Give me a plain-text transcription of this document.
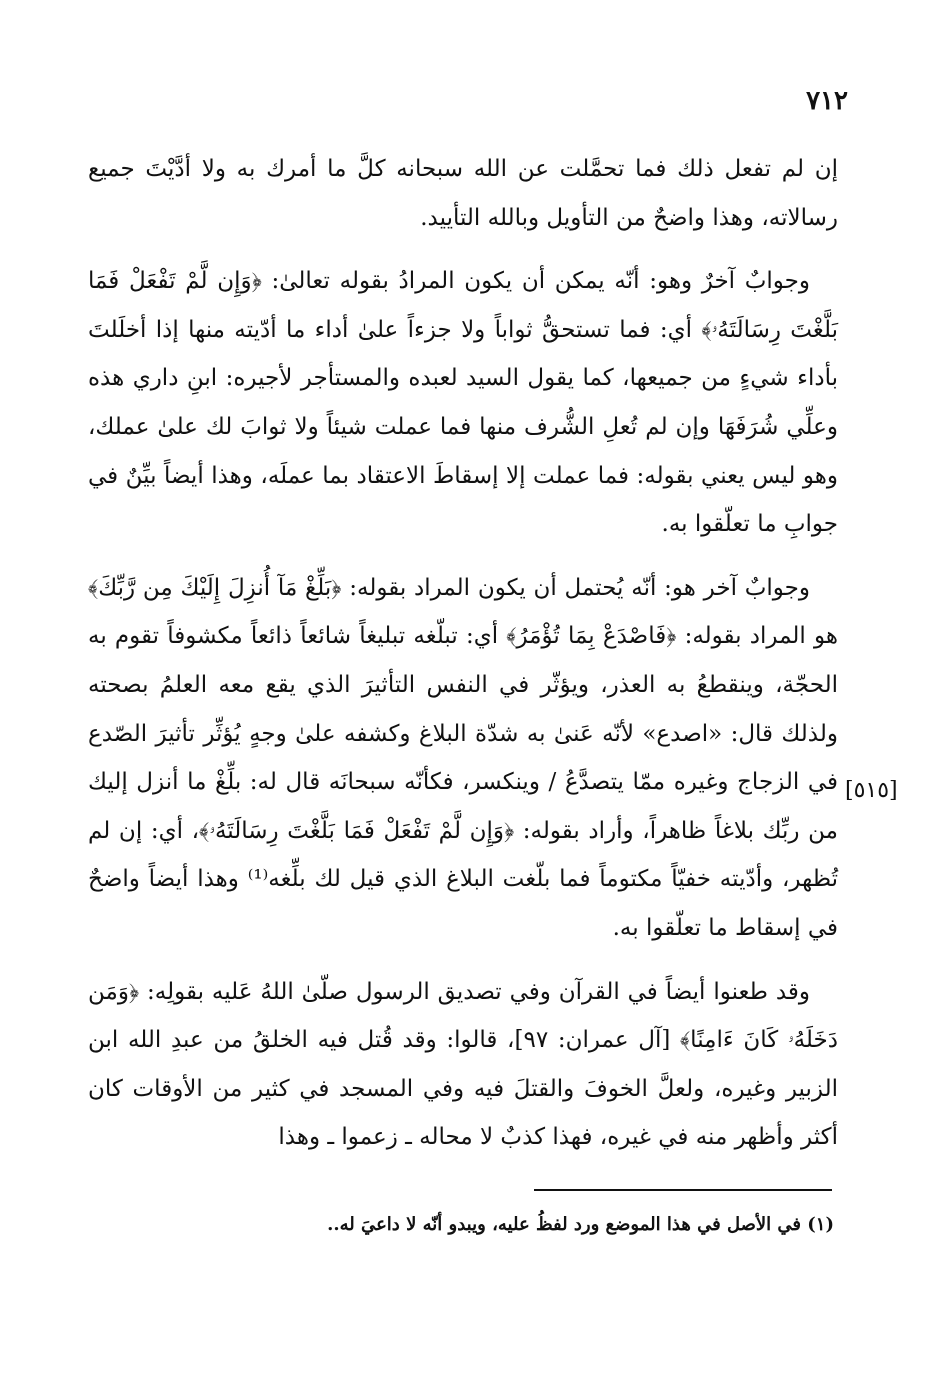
٧١٢

إن لم تفعل ذلك فما تحمَّلت عن الله سبحانه كلَّ ما أمرك به ولا أدَّيْتَ جميع رسالاته، وهذا واضحٌ من التأويل وبالله التأييد.

وجوابٌ آخرٌ وهو: أنّه يمكن أن يكون المرادُ بقوله تعالىٰ: ﴿وَإِن لَّمْ تَفْعَلْ فَمَا بَلَّغْتَ رِسَالَتَهُۥ﴾ أي: فما تستحقُّ ثواباً ولا جزءاً علىٰ أداء ما أدّيته منها إذا أخلَلتَ بأداء شيءٍ من جميعها، كما يقول السيد لعبده والمستأجر لأجيره: ابنِ داري هذه وعلِّي شُرَفَهَا وإن لم تُعلِ الشُّرف منها فما عملت شيئاً ولا ثوابَ لك علىٰ عملك، وهو ليس يعني بقوله: فما عملت إلا إسقاطَ الاعتقاد بما عملَه، وهذا أيضاً بيِّنٌ في جوابِ ما تعلّقوا به.

وجوابٌ آخر هو: أنّه يُحتمل أن يكون المراد بقوله: ﴿بَلِّغْ مَآ أُنزِلَ إِلَيْكَ مِن رَّبِّكَ﴾ هو المراد بقوله: ﴿فَاصْدَعْ بِمَا تُؤْمَرُ﴾ أي: تبلّغه تبليغاً شائعاً ذائعاً مكشوفاً تقوم به الحجّة، وينقطعُ به العذر، ويؤثّر في النفس التأثيرَ الذي يقع معه العلمُ بصحته ولذلك قال: «اصدع» لأنّه عَنىٰ به شدّة البلاغ وكشفه علىٰ وجهٍ يُؤثِّر تأثيرَ الصّدع في الزجاج وغيره ممّا يتصدَّعُ / وينكسر، فكأنّه سبحانَه قال له: بلِّغْ ما أنزل إليك من ربِّك بلاغاً ظاهراً، وأراد بقوله: ﴿وَإِن لَّمْ تَفْعَلْ فَمَا بَلَّغْتَ رِسَالَتَهُۥ﴾، أي: إن لم تُظهر، وأدّيته خفيّاً مكتوماً فما بلّغت البلاغ الذي قيل لك بلِّغه⁽¹⁾ وهذا أيضاً واضحٌ في إسقاط ما تعلّقوا به.

وقد طعنوا أيضاً في القرآن وفي تصديق الرسول صلّىٰ اللهُ عَليه بقولِه: ﴿وَمَن دَخَلَهُۥ كَانَ ءَامِنًا﴾ [آل عمران: ٩٧]، قالوا: وقد قُتل فيه الخلقُ من عبدِ الله ابن الزبير وغيره، ولعلَّ الخوفَ والقتلَ فيه وفي المسجد في كثير من الأوقات كان أكثر وأظهر منه في غيره، فهذا كذبٌ لا محاله ـ زعموا ـ وهذا

[٥١٥]
(١) في الأصل في هذا الموضع ورد لفظُ عليه، ويبدو أنّه لا داعيَ له..
